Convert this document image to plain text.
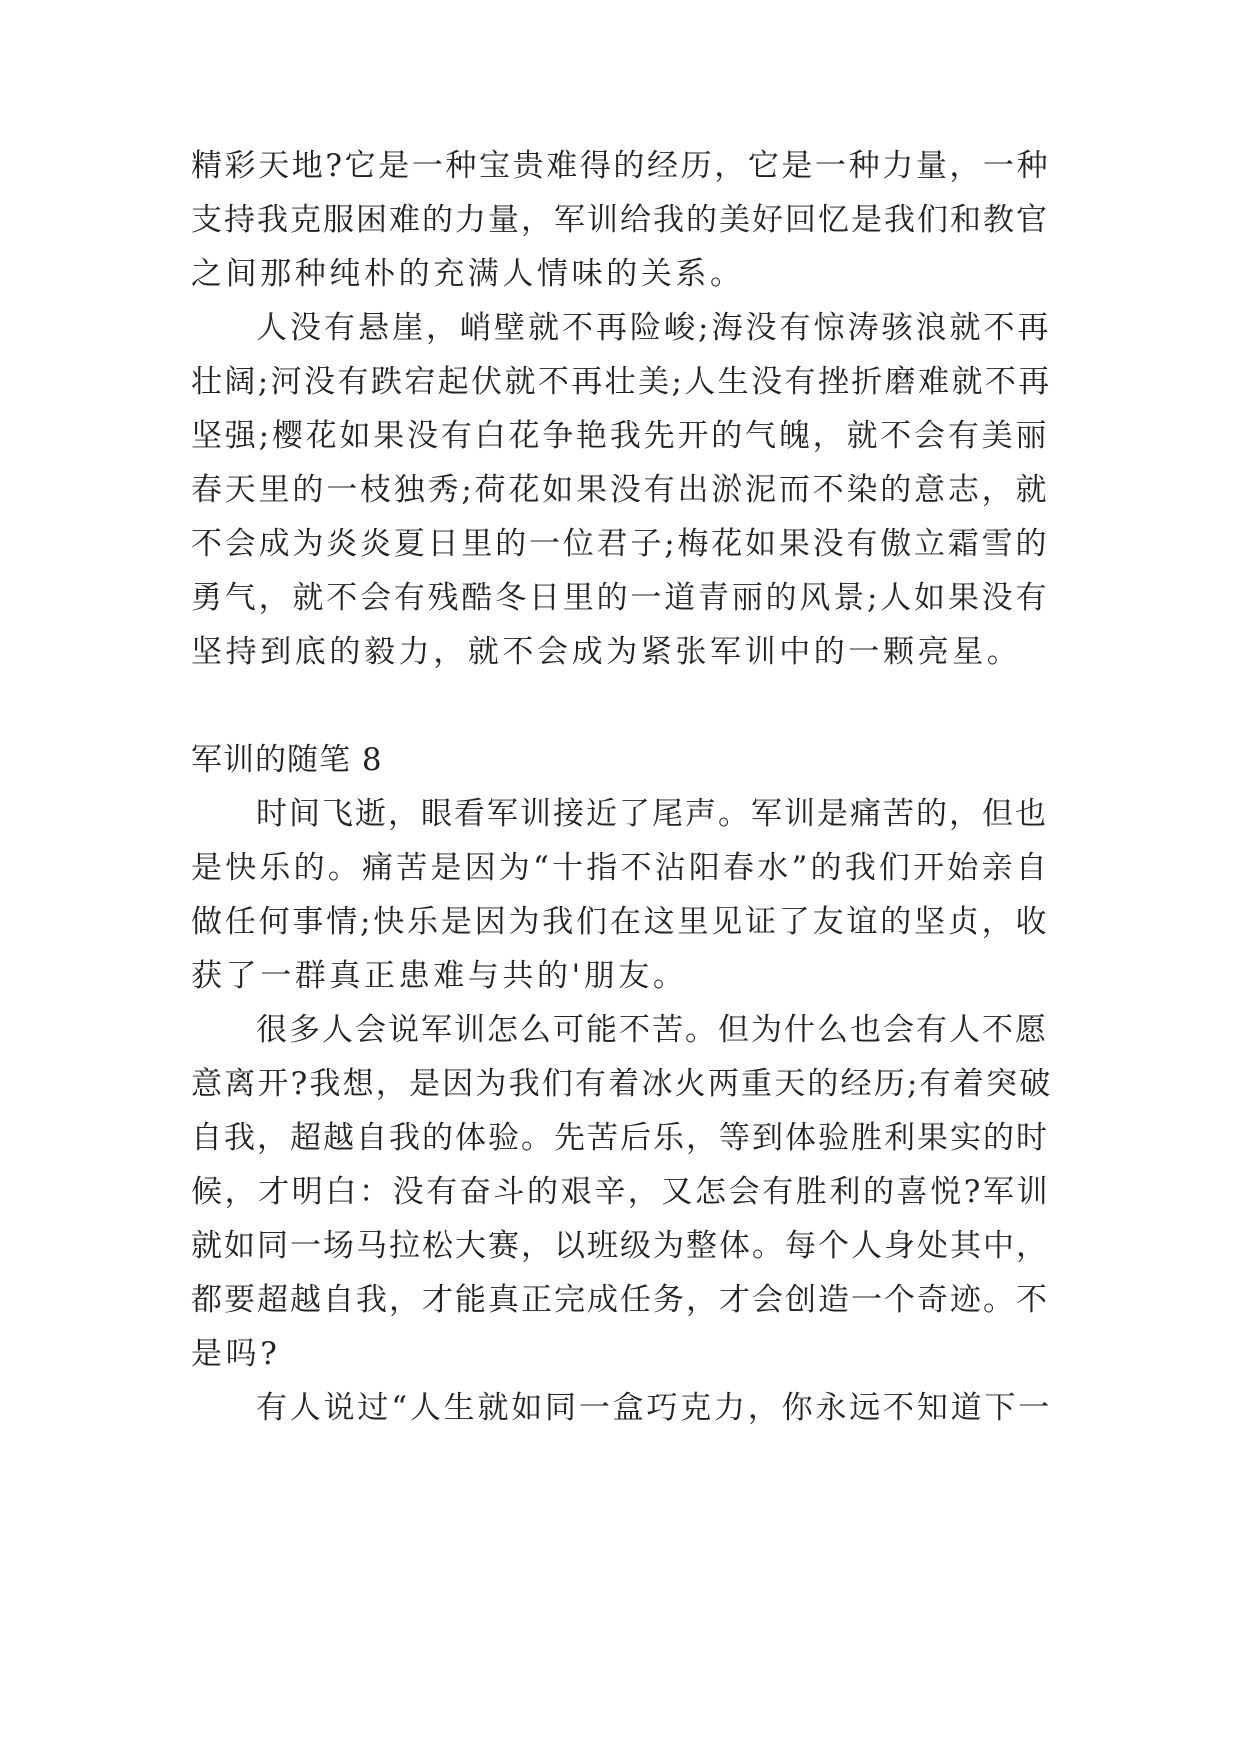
精彩天地?它是一种宝贵难得的经历，它是一种力量，一种

支持我克服困难的力量，军训给我的美好回忆是我们和教官

之间那种纯朴的充满人情味的关系。

人没有悬崖，峭壁就不再险峻;海没有惊涛骇浪就不再

壮阔;河没有跌宕起伏就不再壮美;人生没有挫折磨难就不再

坚强;樱花如果没有白花争艳我先开的气魄，就不会有美丽

春天里的一枝独秀;荷花如果没有出淤泥而不染的意志，就

不会成为炎炎夏日里的一位君子;梅花如果没有傲立霜雪的

勇气，就不会有残酷冬日里的一道青丽的风景;人如果没有

坚持到底的毅力，就不会成为紧张军训中的一颗亮星。

军训的随笔 8

时间飞逝，眼看军训接近了尾声。军训是痛苦的，但也

是快乐的。痛苦是因为“十指不沾阳春水”的我们开始亲自

做任何事情;快乐是因为我们在这里见证了友谊的坚贞，收

获了一群真正患难与共的'朋友。

很多人会说军训怎么可能不苦。但为什么也会有人不愿

意离开?我想，是因为我们有着冰火两重天的经历;有着突破

自我，超越自我的体验。先苦后乐，等到体验胜利果实的时

候，才明白：没有奋斗的艰辛，又怎会有胜利的喜悦?军训

就如同一场马拉松大赛，以班级为整体。每个人身处其中，

都要超越自我，才能真正完成任务，才会创造一个奇迹。不

是吗?

有人说过“人生就如同一盒巧克力，你永远不知道下一
